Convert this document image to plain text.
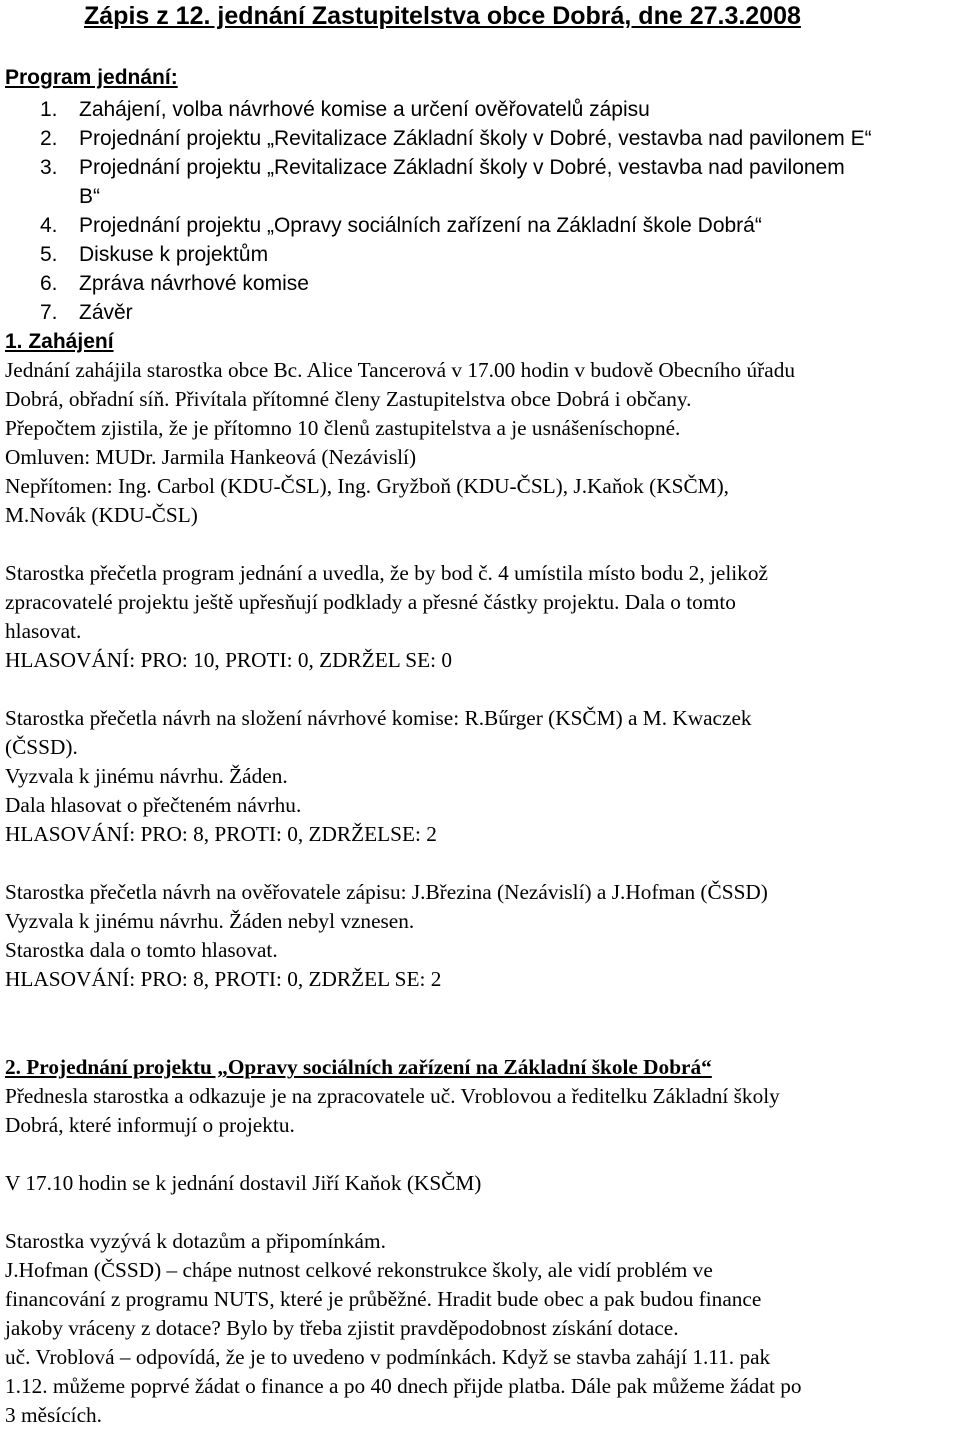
Zápis z 12. jednání Zastupitelstva obce Dobrá, dne 27.3.2008
Program jednání:
1. Zahájení, volba návrhové komise a určení ověřovatelů zápisu
2. Projednání projektu „Revitalizace Základní školy v Dobré, vestavba nad pavilonem E“
3. Projednání projektu „Revitalizace Základní školy v Dobré, vestavba nad pavilonem
B“
4. Projednání projektu „Opravy sociálních zařízení na Základní škole Dobrá“
5. Diskuse k projektům
6. Zpráva návrhové komise
7. Závěr
1. Zahájení
Jednání zahájila starostka obce Bc. Alice Tancerová v 17.00 hodin v budově Obecního úřadu
Dobrá, obřadní síň. Přivítala přítomné členy Zastupitelstva obce Dobrá i občany.
Přepočtem zjistila, že je přítomno 10 členů zastupitelstva a je usnášeníschopné.
Omluven: MUDr. Jarmila Hankeová (Nezávislí)
Nepřítomen: Ing. Carbol (KDU-ČSL), Ing. Gryžboň (KDU-ČSL), J.Kaňok (KSČM),
M.Novák (KDU-ČSL)
Starostka přečetla program jednání a uvedla, že by bod č. 4 umístila místo bodu 2, jelikož
zpracovatelé projektu ještě upřesňují podklady a přesné částky projektu. Dala o tomto
hlasovat.
HLASOVÁNÍ: PRO: 10, PROTI: 0, ZDRŽEL SE: 0
Starostka přečetla návrh na složení návrhové komise: R.Bűrger (KSČM) a M. Kwaczek
(ČSSD).
Vyzvala k jinému návrhu. Žáden.
Dala hlasovat o přečteném návrhu.
HLASOVÁNÍ: PRO: 8, PROTI: 0, ZDRŽELSE: 2
Starostka přečetla návrh na ověřovatele zápisu: J.Březina (Nezávislí) a J.Hofman (ČSSD)
Vyzvala k jinému návrhu. Žáden nebyl vznesen.
Starostka dala o tomto hlasovat.
HLASOVÁNÍ: PRO: 8, PROTI: 0, ZDRŽEL SE: 2
2. Projednání projektu „Opravy sociálních zařízení na Základní škole Dobrá“
Přednesla starostka a odkazuje je na zpracovatele uč. Vroblovou a ředitelku Základní školy
Dobrá, které informují o projektu.
V 17.10 hodin se k jednání dostavil Jiří Kaňok (KSČM)
Starostka vyzývá k dotazům a připomínkám.
J.Hofman (ČSSD) – chápe nutnost celkové rekonstrukce školy, ale vidí problém ve
financování z programu NUTS, které je průběžné. Hradit bude obec a pak budou finance
jakoby vráceny z dotace? Bylo by třeba zjistit pravděpodobnost získání dotace.
uč. Vroblová – odpovídá, že je to uvedeno v podmínkách. Když se stavba zahájí 1.11. pak
1.12. můžeme poprvé žádat o finance a po 40 dnech přijde platba. Dále pak můžeme žádat po
3 měsících.
